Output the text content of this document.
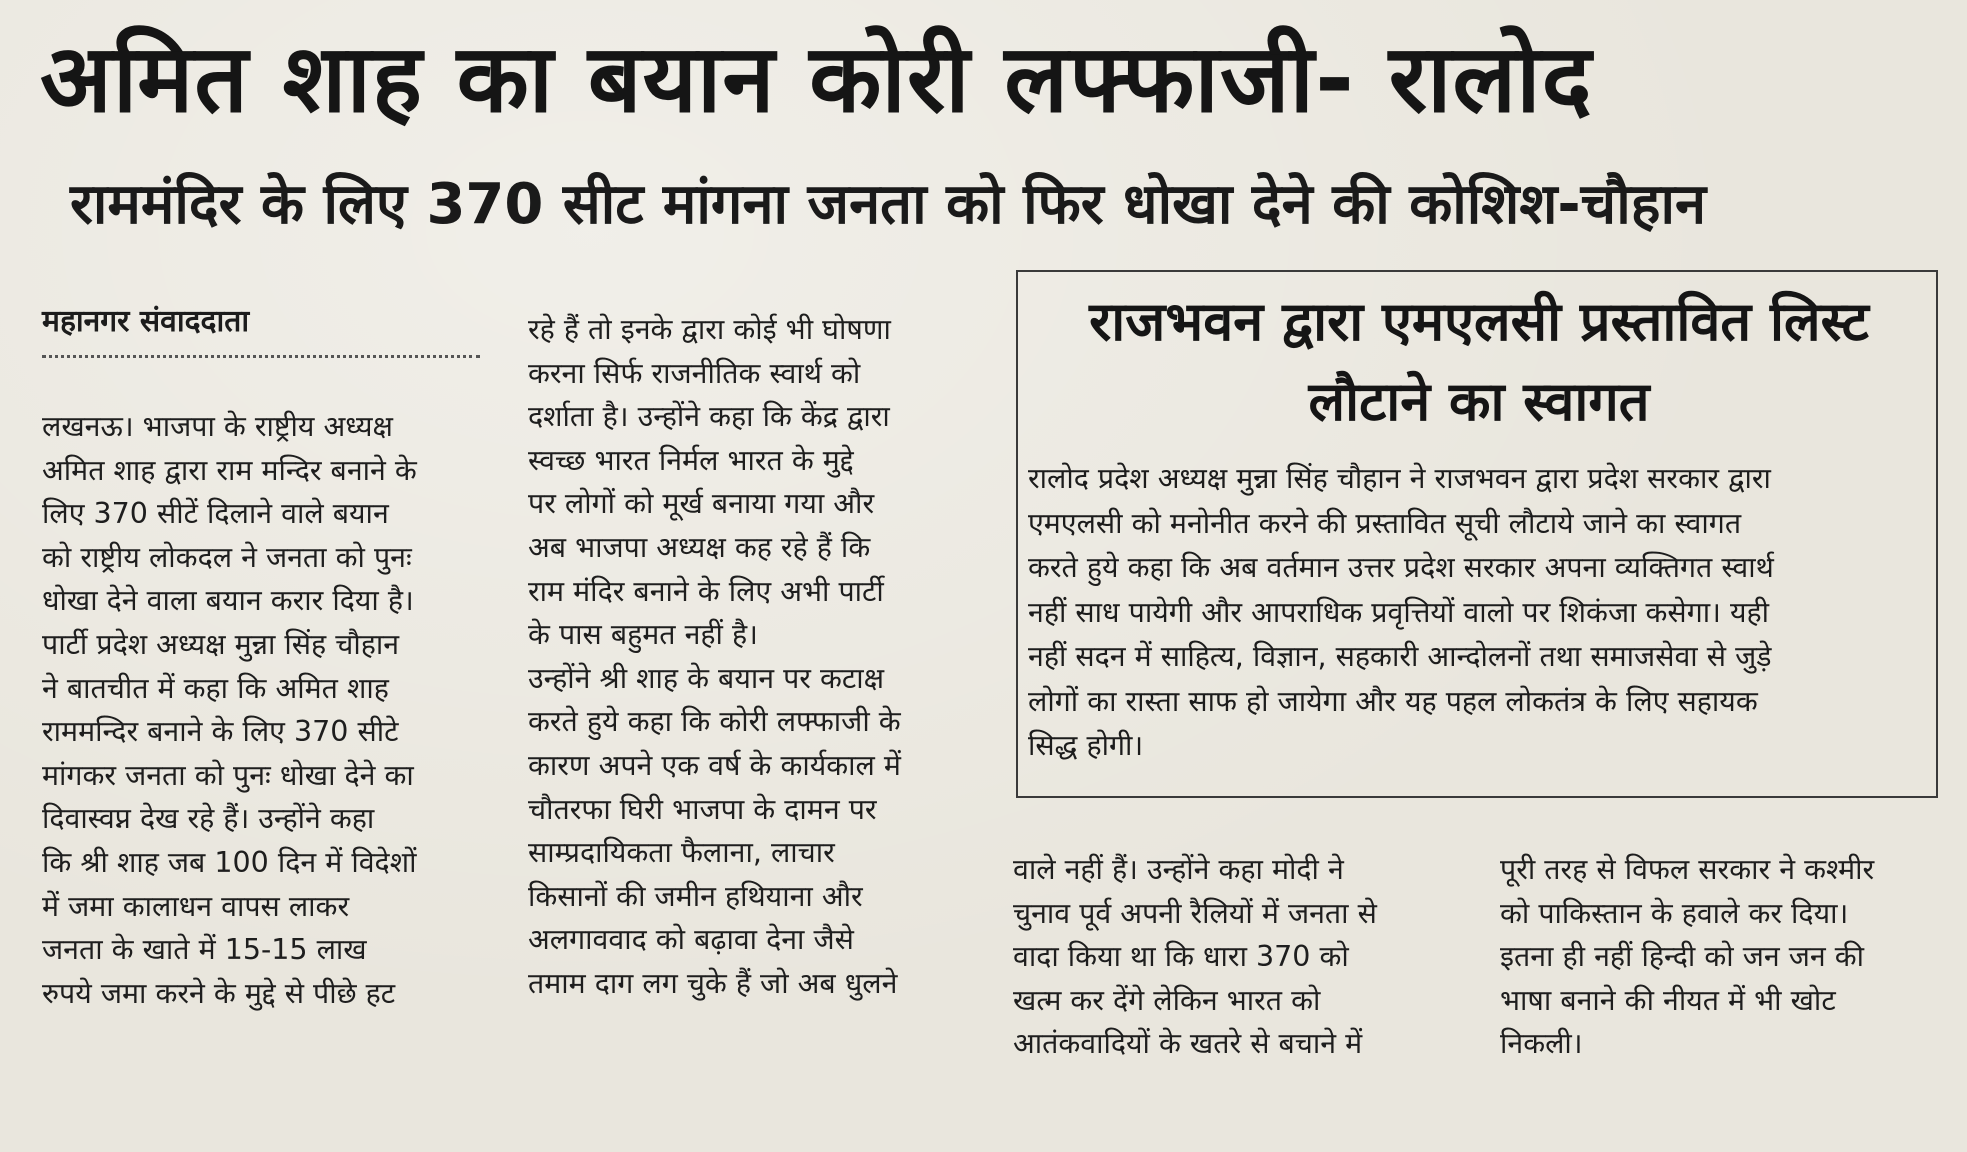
अमित शाह का बयान कोरी लफ्फाजी- रालोद
राममंदिर के लिए 370 सीट मांगना जनता को फिर धोखा देने की कोशिश-चौहान
महानगर संवाददाता
लखनऊ। भाजपा के राष्ट्रीय अध्यक्ष
अमित शाह द्वारा राम मन्दिर बनाने के
लिए 370 सीटें दिलाने वाले बयान
को राष्ट्रीय लोकदल ने जनता को पुनः
धोखा देने वाला बयान करार दिया है।
पार्टी प्रदेश अध्यक्ष मुन्ना सिंह चौहान
ने बातचीत में कहा कि अमित शाह
राममन्दिर बनाने के लिए 370 सीटे
मांगकर जनता को पुनः धोखा देने का
दिवास्वप्न देख रहे हैं। उन्होंने कहा
कि श्री शाह जब 100 दिन में विदेशों
में जमा कालाधन वापस लाकर
जनता के खाते में 15-15 लाख
रुपये जमा करने के मुद्दे से पीछे हट
रहे हैं तो इनके द्वारा कोई भी घोषणा
करना सिर्फ राजनीतिक स्वार्थ को
दर्शाता है। उन्होंने कहा कि केंद्र द्वारा
स्वच्छ भारत निर्मल भारत के मुद्दे
पर लोगों को मूर्ख बनाया गया और
अब भाजपा अध्यक्ष कह रहे हैं कि
राम मंदिर बनाने के लिए अभी पार्टी
के पास बहुमत नहीं है।
उन्होंने श्री शाह के बयान पर कटाक्ष
करते हुये कहा कि कोरी लफ्फाजी के
कारण अपने एक वर्ष के कार्यकाल में
चौतरफा घिरी भाजपा के दामन पर
साम्प्रदायिकता फैलाना, लाचार
किसानों की जमीन हथियाना और
अलगाववाद को बढ़ावा देना जैसे
तमाम दाग लग चुके हैं जो अब धुलने
राजभवन द्वारा एमएलसी प्रस्तावित लिस्ट
लौटाने का स्वागत
रालोद प्रदेश अध्यक्ष मुन्ना सिंह चौहान ने राजभवन द्वारा प्रदेश सरकार द्वारा
एमएलसी को मनोनीत करने की प्रस्तावित सूची लौटाये जाने का स्वागत
करते हुये कहा कि अब वर्तमान उत्तर प्रदेश सरकार अपना व्यक्तिगत स्वार्थ
नहीं साध पायेगी और आपराधिक प्रवृत्तियों वालो पर शिकंजा कसेगा। यही
नहीं सदन में साहित्य, विज्ञान, सहकारी आन्दोलनों तथा समाजसेवा से जुड़े
लोगों का रास्ता साफ हो जायेगा और यह पहल लोकतंत्र के लिए सहायक
सिद्ध होगी।
वाले नहीं हैं। उन्होंने कहा मोदी ने
चुनाव पूर्व अपनी रैलियों में जनता से
वादा किया था कि धारा 370 को
खत्म कर देंगे लेकिन भारत को
आतंकवादियों के खतरे से बचाने में
पूरी तरह से विफल सरकार ने कश्मीर
को पाकिस्तान के हवाले कर दिया।
इतना ही नहीं हिन्दी को जन जन की
भाषा बनाने की नीयत में भी खोट
निकली।
